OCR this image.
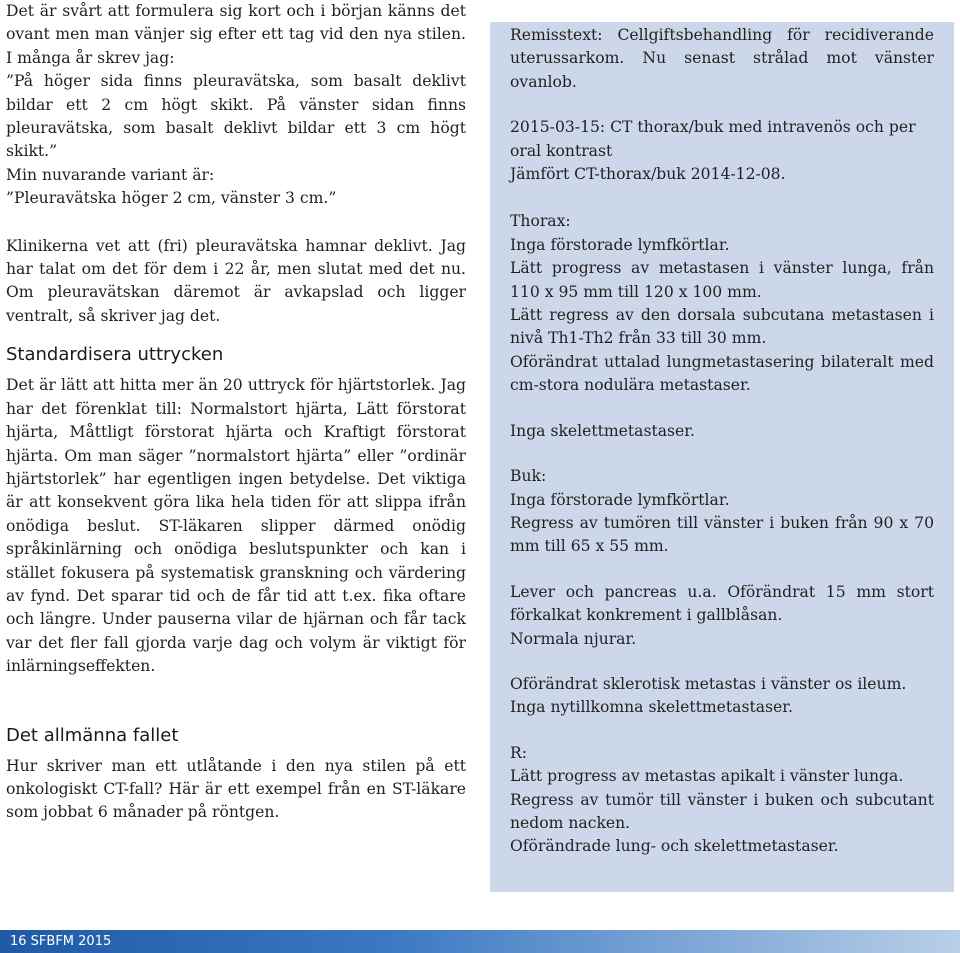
Det är svårt att formulera sig kort och i början känns det ovant men man vänjer sig efter ett tag vid den nya stilen. I många år skrev jag:

”På höger sida finns pleuravätska, som basalt deklivt bildar ett 2 cm högt skikt. På vänster sidan finns pleuravätska, som basalt deklivt bildar ett 3 cm högt skikt.”

Min nuvarande variant är:

”Pleuravätska höger 2 cm, vänster 3 cm.”

Klinikerna vet att (fri) pleuravätska hamnar deklivt. Jag har talat om det för dem i 22 år, men slutat med det nu. Om pleuravätskan däremot är avkapslad och ligger ventralt, så skriver jag det.

Standardisera uttrycken

Det är lätt att hitta mer än 20 uttryck för hjärtstorlek. Jag har det förenklat till: Normalstort hjärta, Lätt förstorat hjärta, Måttligt förstorat hjärta och Kraftigt förstorat hjärta. Om man säger ”normalstort hjärta” eller ”ordinär hjärtstorlek” har egentligen ingen betydelse. Det viktiga är att konsekvent göra lika hela tiden för att slippa ifrån onödiga beslut. ST-läkaren slipper därmed onödig språkinlärning och onödiga beslutspunkter och kan i stället fokusera på systematisk granskning och värdering av fynd. Det sparar tid och de får tid att t.ex. fika oftare och längre. Under pauserna vilar de hjärnan och får tack var det fler fall gjorda varje dag och volym är viktigt för inlärningseffekten.

Det allmänna fallet

Hur skriver man ett utlåtande i den nya stilen på ett onkologiskt CT-fall? Här är ett exempel från en ST-läkare som jobbat 6 månader på röntgen.

Remisstext: Cellgiftsbehandling för recidiverande uterussarkom. Nu senast strålad mot vänster ovanlob.

2015-03-15: CT thorax/buk med intravenös och per oral kontrast

Jämfört CT-thorax/buk 2014-12-08.

Thorax:

Inga förstorade lymfkörtlar.

Lätt progress av metastasen i vänster lunga, från 110 x 95 mm till 120 x 100 mm.

Lätt regress av den dorsala subcutana metastasen i nivå Th1-Th2 från 33 till 30 mm.

Oförändrat uttalad lungmetastasering bilateralt med cm-stora nodulära metastaser.

Inga skelettmetastaser.

Buk:

Inga förstorade lymfkörtlar.

Regress av tumören till vänster i buken från 90 x 70 mm till 65 x 55 mm.

Lever och pancreas u.a. Oförändrat 15 mm stort förkalkat konkrement i gallblåsan.

Normala njurar.

Oförändrat sklerotisk metastas i vänster os ileum.

Inga nytillkomna skelettmetastaser.

R:

Lätt progress av metastas apikalt i vänster lunga.

Regress av tumör till vänster i buken och subcutant nedom nacken.

Oförändrade lung- och skelettmetastaser.

16 SFBFM 2015
